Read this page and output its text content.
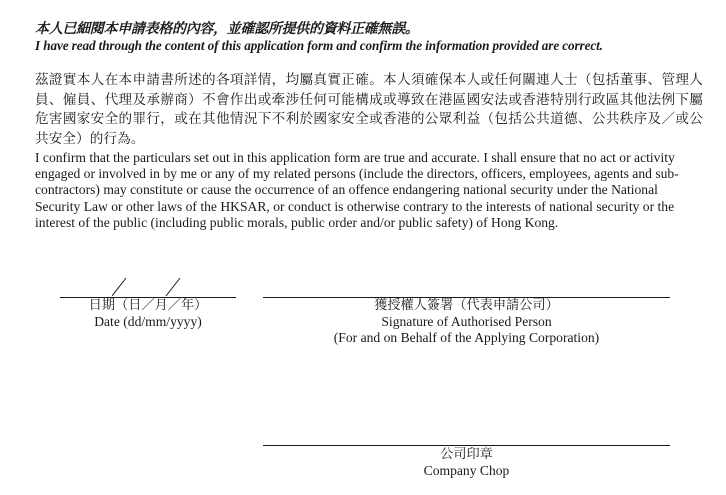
本人已細閱本申請表格的內容，並確認所提供的資料正確無誤。
I have read through the content of this application form and confirm the information provided are correct.
茲證實本人在本申請書所述的各項詳情，均屬真實正確。本人須確保本人或任何關連人士（包括董事、管理人員、僱員、代理及承辦商）不會作出或牽涉任何可能構成或導致在港區國安法或香港特別行政區其他法例下屬危害國家安全的罪行，或在其他情況下不利於國家安全或香港的公眾利益（包括公共道德、公共秩序及／或公共安全）的行為。
I confirm that the particulars set out in this application form are true and accurate. I shall ensure that no act or activity engaged or involved in by me or any of my related persons (include the directors, officers, employees, agents and sub-contractors) may constitute or cause the occurrence of an offence endangering national security under the National Security Law or other laws of the HKSAR, or conduct is otherwise contrary to the interests of national security or the interest of the public (including public morals, public order and/or public safety) of Hong Kong.
日期（日／月／年）
Date (dd/mm/yyyy)
獲授權人簽署（代表申請公司）
Signature of Authorised Person
(For and on Behalf of the Applying Corporation)
公司印章
Company Chop
